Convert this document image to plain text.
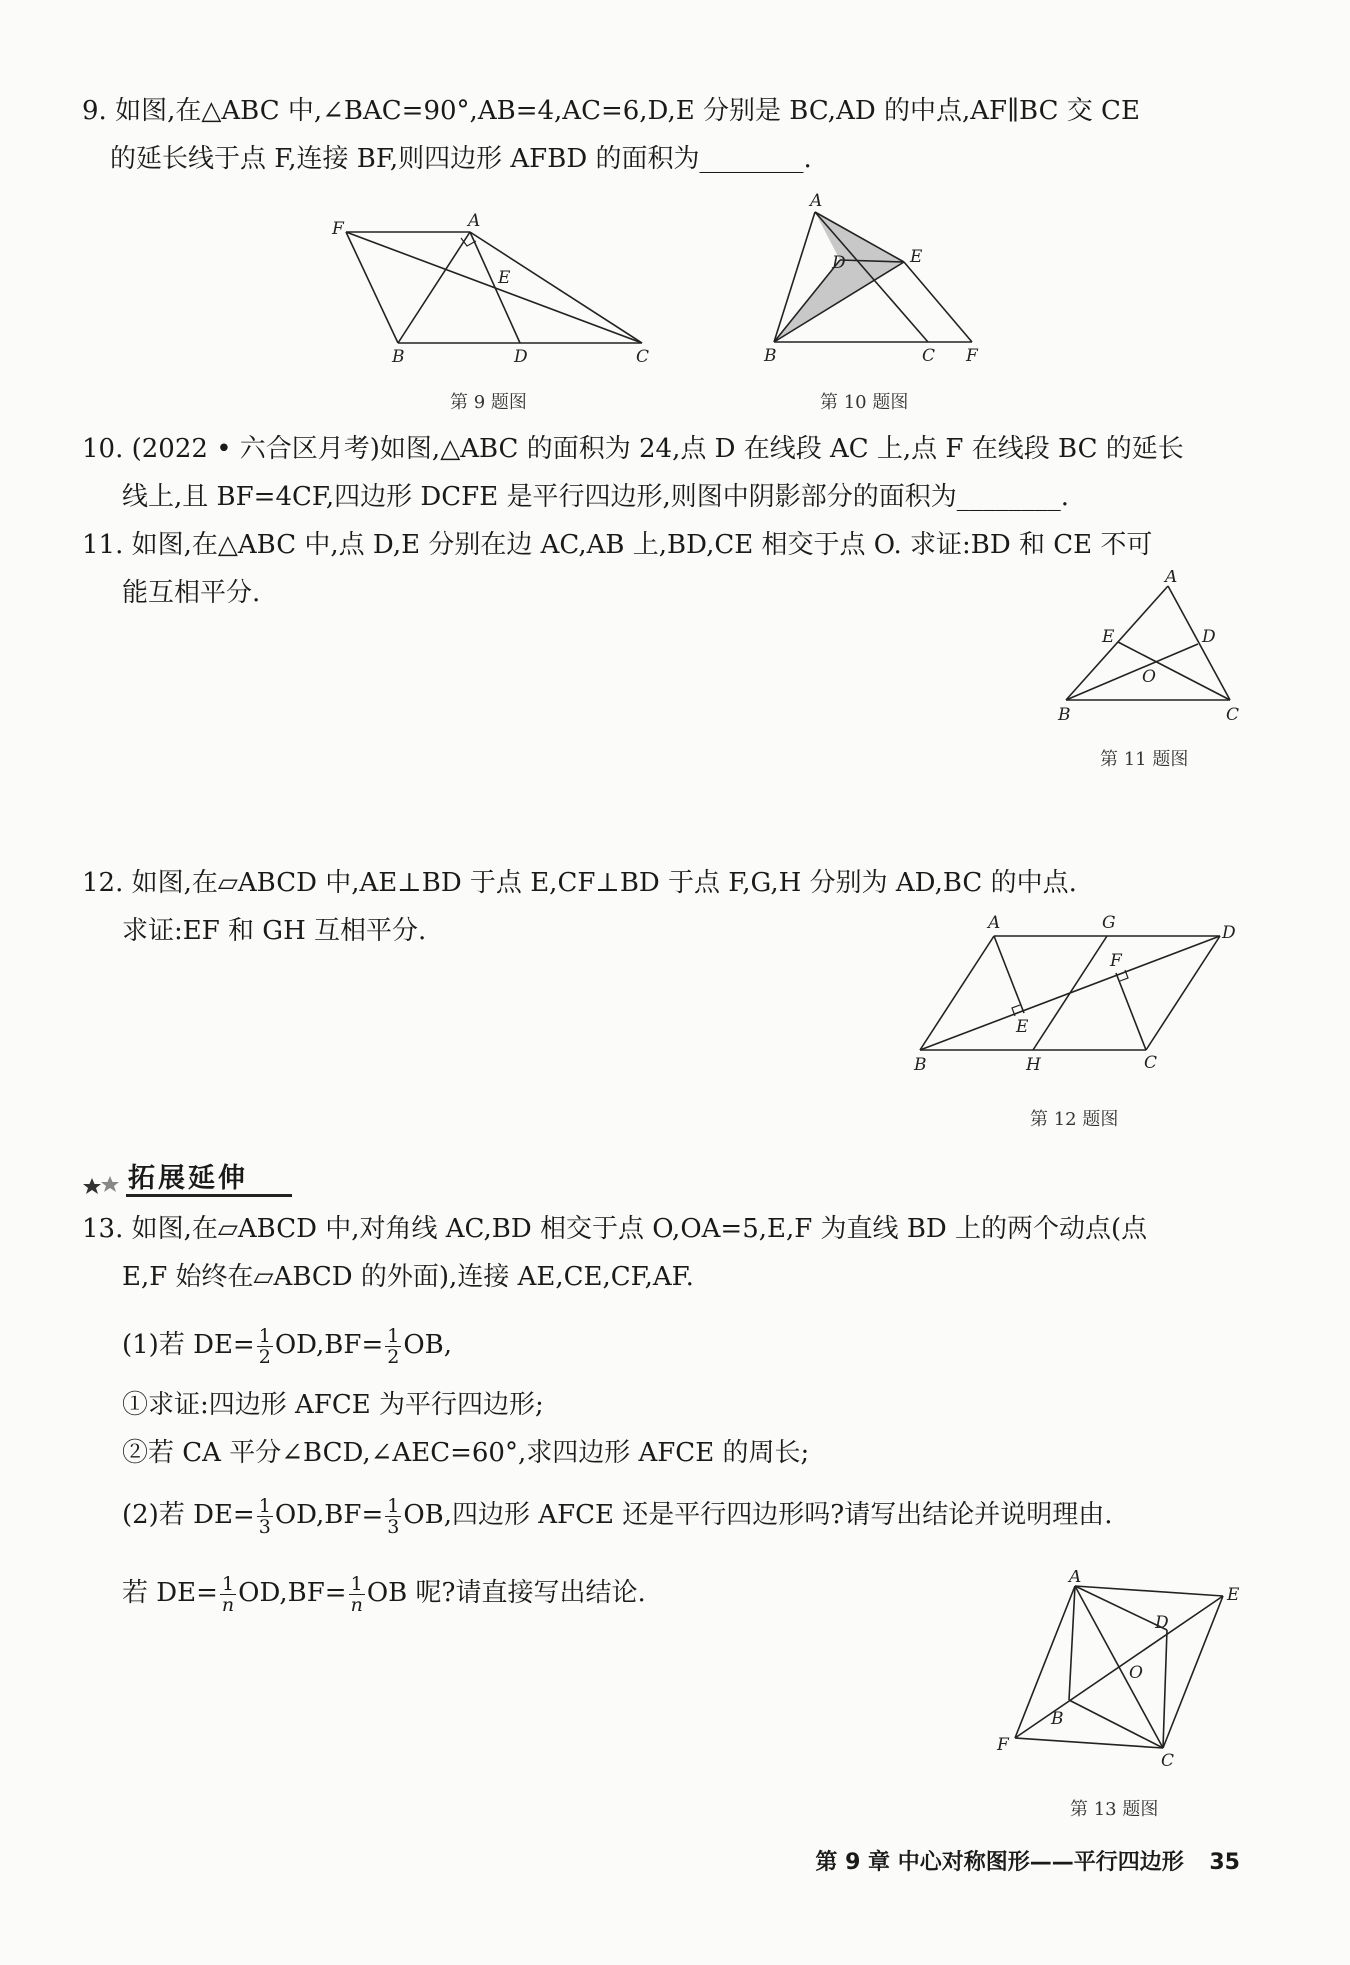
9. 如图,在△ABC 中,∠BAC=90°,AB=4,AC=6,D,E 分别是 BC,AD 的中点,AF∥BC 交 CE
的延长线于点 F,连接 BF,则四边形 AFBD 的面积为________.
F	A
E
B	D	C
第 9 题图
A
D	E
B	C F
第 10 题图
10. (2022 • 六合区月考)如图,△ABC 的面积为 24,点 D 在线段 AC 上,点 F 在线段 BC 的延长
线上,且 BF=4CF,四边形 DCFE 是平行四边形,则图中阴影部分的面积为________.
11. 如图,在△ABC 中,点 D,E 分别在边 AC,AB 上,BD,CE 相交于点 O. 求证:BD 和 CE 不可
能互相平分.
A
E	D
O
B	C
第 11 题图
12. 如图,在▱ABCD 中,AE⊥BD 于点 E,CF⊥BD 于点 F,G,H 分别为 AD,BC 的中点.
求证:EF 和 GH 互相平分.	A	G	D
F
E
B	H	C
第 12 题图
拓展延伸
13. 如图,在▱ABCD 中,对角线 AC,BD 相交于点 O,OA=5,E,F 为直线 BD 上的两个动点(点
E,F 始终在▱ABCD 的外面),连接 AE,CE,CF,AF.
(1)若 $DE= \frac{1}{2} OD,BF= \frac{1}{2}$ OB,
①求证:四边形 AFCE 为平行四边形;
②若 CA 平分∠BCD,∠AEC=60°,求四边形 AFCE 的周长;
(2)若 $DE= \frac{1}{3} OD,BF= \frac{1}{3}$ OB,四边形 AFCE 还是平行四边形吗?请写出结论并说明理由.
若 $DE= \frac{1}{n} OD,BF= \frac{1}{n}$ OB 呢?请直接写出结论.
A
E
D
O
B
F
C
第 13 题图
第 9 章 中心对称图形——平行四边形 35
